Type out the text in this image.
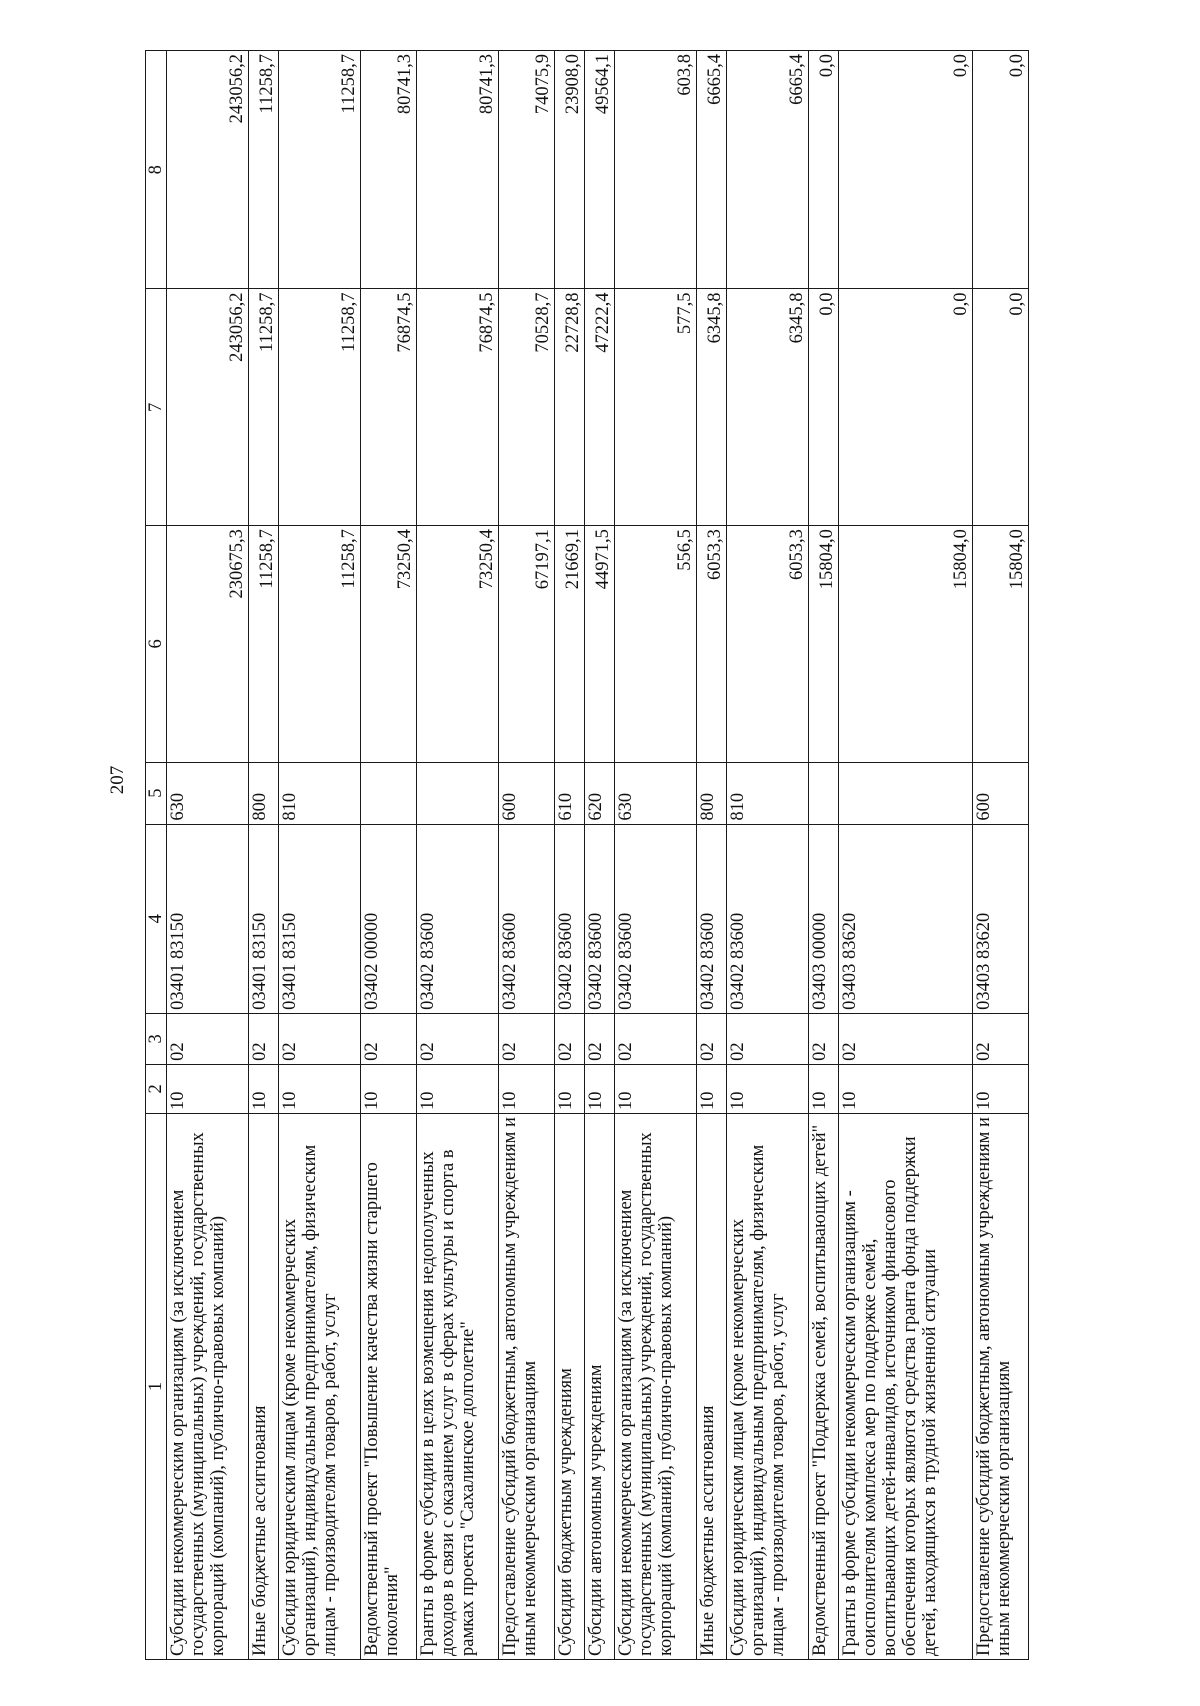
207
1	2	3	4	5	6	7	8
Субсидии некоммерческим организациям (за исключением государственных (муниципальных) учреждений, государственных корпораций (компаний), публично-правовых компаний)	10	02	03401 83150	630	230675,3	243056,2	243056,2
Иные бюджетные ассигнования	10	02	03401 83150	800	11258,7	11258,7	11258,7
Субсидии юридическим лицам (кроме некоммерческих организаций), индивидуальным предпринимателям, физическим лицам - производителям товаров, работ, услуг	10	02	03401 83150	810	11258,7	11258,7	11258,7
Ведомственный проект "Повышение качества жизни старшего поколения"	10	02	03402 00000		73250,4	76874,5	80741,3
Гранты в форме субсидии в целях возмещения недополученных доходов в связи с оказанием услуг в сферах культуры и спорта в рамках проекта "Сахалинское долголетие"	10	02	03402 83600		73250,4	76874,5	80741,3
Предоставление субсидий бюджетным, автономным учреждениям и иным некоммерческим организациям	10	02	03402 83600	600	67197,1	70528,7	74075,9
Субсидии бюджетным учреждениям	10	02	03402 83600	610	21669,1	22728,8	23908,0
Субсидии автономным учреждениям	10	02	03402 83600	620	44971,5	47222,4	49564,1
Субсидии некоммерческим организациям (за исключением государственных (муниципальных) учреждений, государственных корпораций (компаний), публично-правовых компаний)	10	02	03402 83600	630	556,5	577,5	603,8
Иные бюджетные ассигнования	10	02	03402 83600	800	6053,3	6345,8	6665,4
Субсидии юридическим лицам (кроме некоммерческих организаций), индивидуальным предпринимателям, физическим лицам - производителям товаров, работ, услуг	10	02	03402 83600	810	6053,3	6345,8	6665,4
Ведомственный проект "Поддержка семей, воспитывающих детей"	10	02	03403 00000		15804,0	0,0	0,0
Гранты в форме субсидии некоммерческим организациям - соисполнителям комплекса мер по поддержке семей, воспитывающих детей-инвалидов, источником финансового обеспечения которых являются средства гранта фонда поддержки детей, находящихся в трудной жизненной ситуации	10	02	03403 83620		15804,0	0,0	0,0
Предоставление субсидий бюджетным, автономным учреждениям и иным некоммерческим организациям	10	02	03403 83620	600	15804,0	0,0	0,0
